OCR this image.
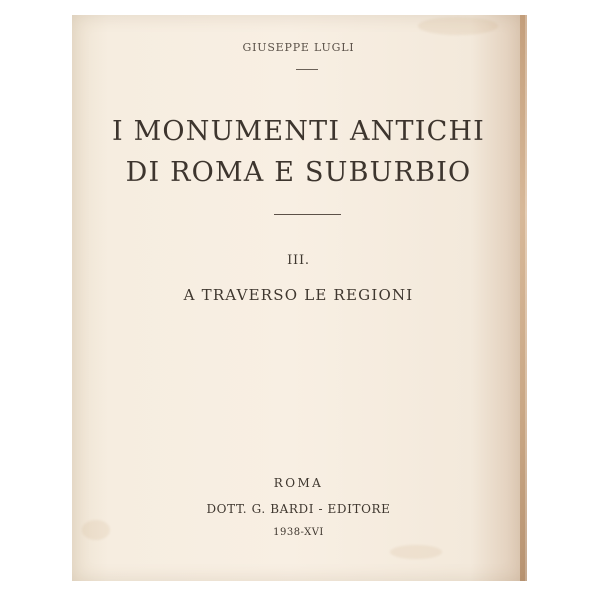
GIUSEPPE LUGLI
I MONUMENTI ANTICHI
DI ROMA E SUBURBIO
III.
A TRAVERSO LE REGIONI
ROMA
DOTT. G. BARDI - EDITORE
1938-XVI
